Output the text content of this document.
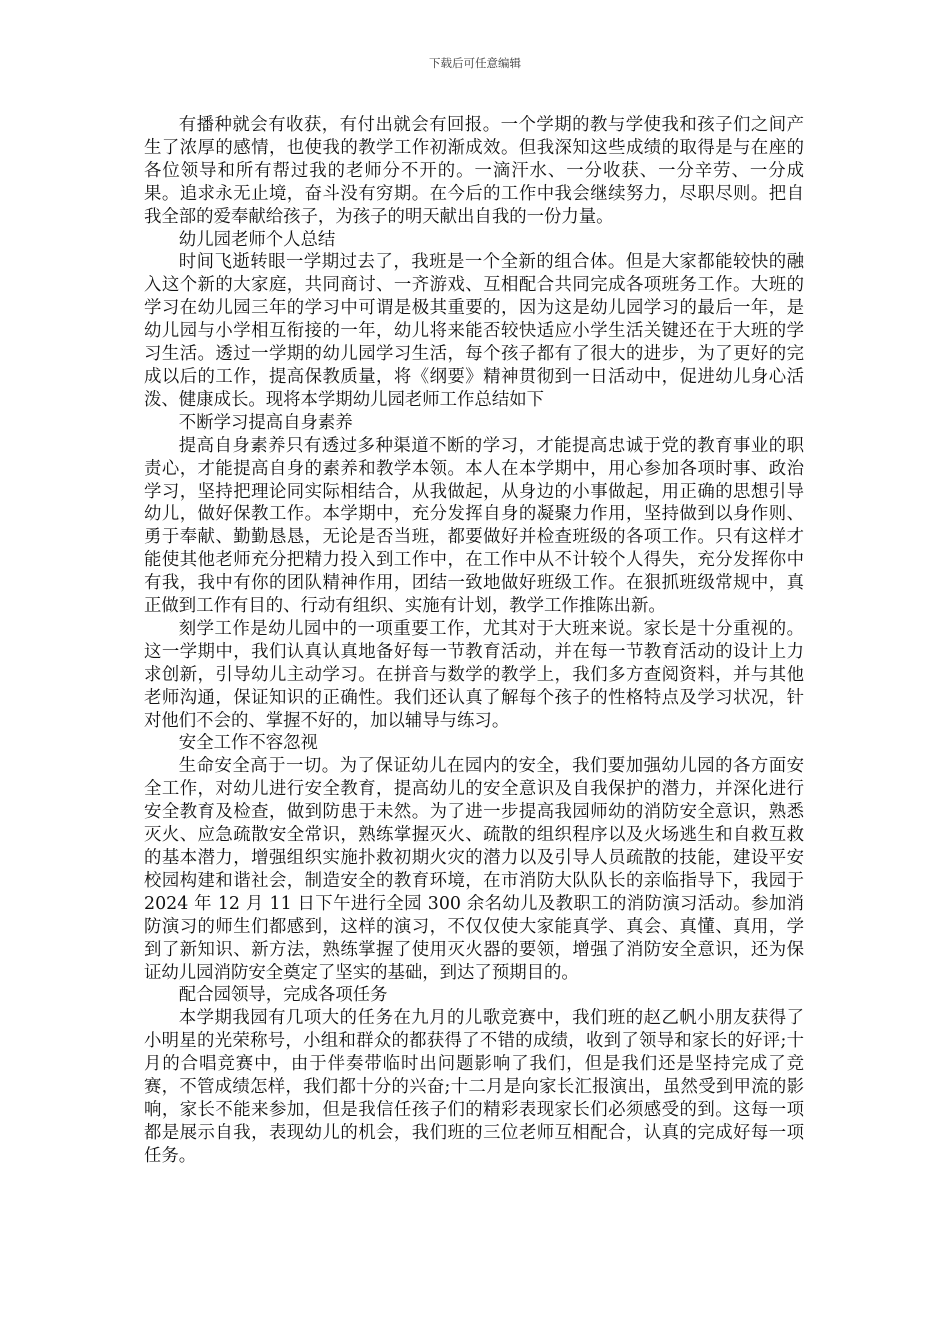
下载后可任意编辑

有播种就会有收获，有付出就会有回报。一个学期的教与学使我和孩子们之间产生了浓厚的感情，也使我的教学工作初渐成效。但我深知这些成绩的取得是与在座的各位领导和所有帮过我的老师分不开的。一滴汗水、一分收获、一分辛劳、一分成果。追求永无止境，奋斗没有穷期。在今后的工作中我会继续努力，尽职尽则。把自我全部的爱奉献给孩子，为孩子的明天献出自我的一份力量。

幼儿园老师个人总结

时间飞逝转眼一学期过去了，我班是一个全新的组合体。但是大家都能较快的融入这个新的大家庭，共同商讨、一齐游戏、互相配合共同完成各项班务工作。大班的学习在幼儿园三年的学习中可谓是极其重要的，因为这是幼儿园学习的最后一年，是幼儿园与小学相互衔接的一年，幼儿将来能否较快适应小学生活关键还在于大班的学习生活。透过一学期的幼儿园学习生活，每个孩子都有了很大的进步，为了更好的完成以后的工作，提高保教质量，将《纲要》精神贯彻到一日活动中，促进幼儿身心活泼、健康成长。现将本学期幼儿园老师工作总结如下

不断学习提高自身素养

提高自身素养只有透过多种渠道不断的学习，才能提高忠诚于党的教育事业的职责心，才能提高自身的素养和教学本领。本人在本学期中，用心参加各项时事、政治学习，坚持把理论同实际相结合，从我做起，从身边的小事做起，用正确的思想引导幼儿，做好保教工作。本学期中，充分发挥自身的凝聚力作用，坚持做到以身作则、勇于奉献、勤勤恳恳，无论是否当班，都要做好并检查班级的各项工作。只有这样才能使其他老师充分把精力投入到工作中，在工作中从不计较个人得失，充分发挥你中有我，我中有你的团队精神作用，团结一致地做好班级工作。在狠抓班级常规中，真正做到工作有目的、行动有组织、实施有计划，教学工作推陈出新。

刻学工作是幼儿园中的一项重要工作，尤其对于大班来说。家长是十分重视的。这一学期中，我们认真认真地备好每一节教育活动，并在每一节教育活动的设计上力求创新，引导幼儿主动学习。在拼音与数学的教学上，我们多方查阅资料，并与其他老师沟通，保证知识的正确性。我们还认真了解每个孩子的性格特点及学习状况，针对他们不会的、掌握不好的，加以辅导与练习。

安全工作不容忽视

生命安全高于一切。为了保证幼儿在园内的安全，我们要加强幼儿园的各方面安全工作，对幼儿进行安全教育，提高幼儿的安全意识及自我保护的潜力，并深化进行安全教育及检查，做到防患于未然。为了进一步提高我园师幼的消防安全意识，熟悉灭火、应急疏散安全常识，熟练掌握灭火、疏散的组织程序以及火场逃生和自救互救的基本潜力，增强组织实施扑救初期火灾的潜力以及引导人员疏散的技能，建设平安校园构建和谐社会，制造安全的教育环境，在市消防大队队长的亲临指导下，我园于 2024 年 12 月 11 日下午进行全园 300 余名幼儿及教职工的消防演习活动。参加消防演习的师生们都感到，这样的演习，不仅仅使大家能真学、真会、真懂、真用，学到了新知识、新方法，熟练掌握了使用灭火器的要领，增强了消防安全意识，还为保证幼儿园消防安全奠定了坚实的基础，到达了预期目的。

配合园领导，完成各项任务

本学期我园有几项大的任务在九月的儿歌竞赛中，我们班的赵乙帆小朋友获得了小明星的光荣称号，小组和群众的都获得了不错的成绩，收到了领导和家长的好评;十月的合唱竞赛中，由于伴奏带临时出问题影响了我们，但是我们还是坚持完成了竞赛，不管成绩怎样，我们都十分的兴奋;十二月是向家长汇报演出，虽然受到甲流的影响，家长不能来参加，但是我信任孩子们的精彩表现家长们必须感受的到。这每一项都是展示自我，表现幼儿的机会，我们班的三位老师互相配合，认真的完成好每一项任务。
